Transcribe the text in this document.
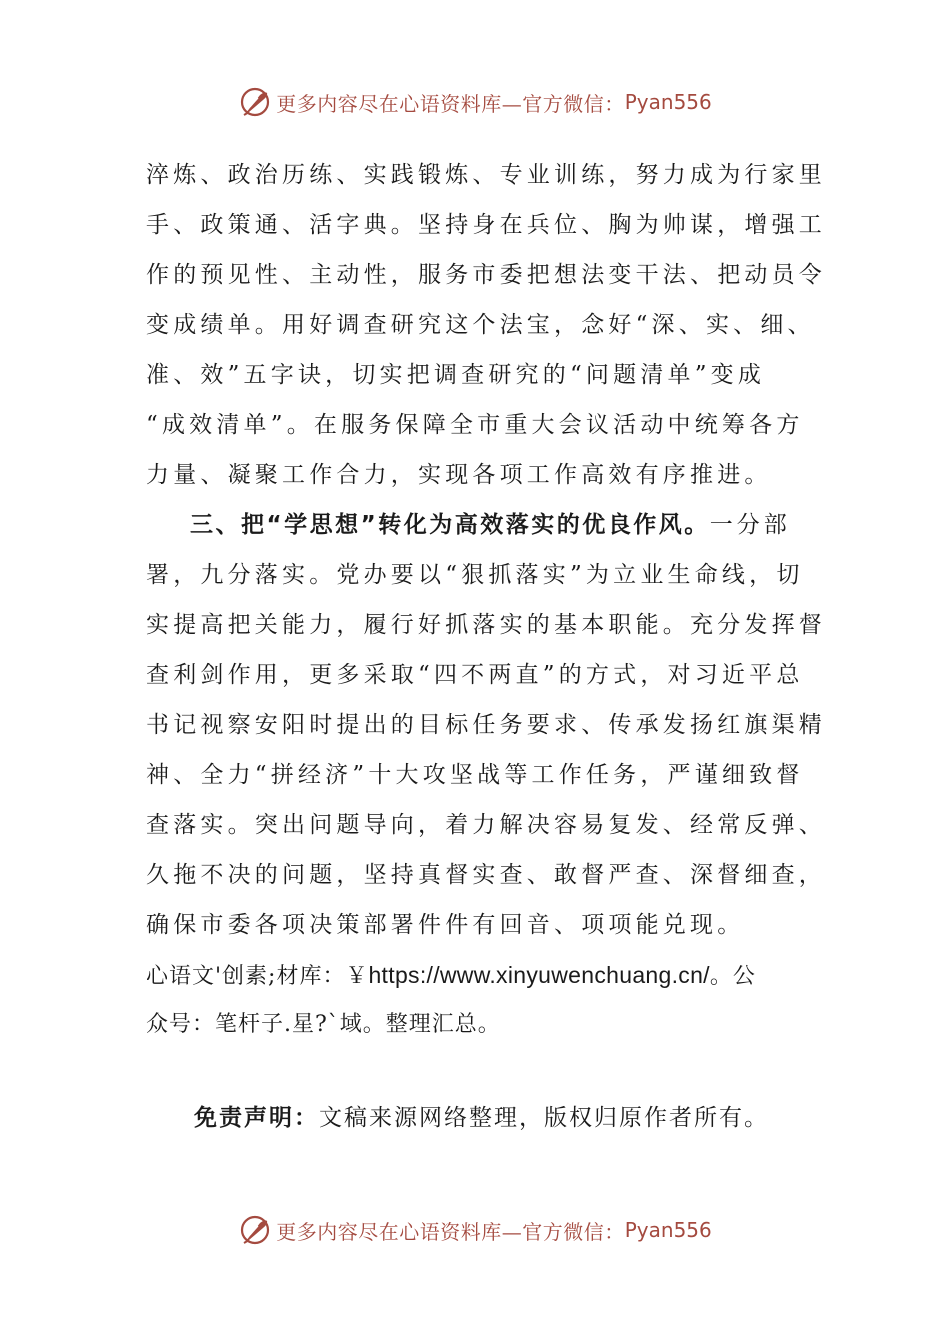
更多内容尽在心语资料库—官方微信： Pyan556
淬炼、政治历练、实践锻炼、专业训练，努力成为行家里
手、政策通、活字典。坚持身在兵位、胸为帅谋，增强工
作的预见性、主动性，服务市委把想法变干法、把动员令
变成绩单。用好调查研究这个法宝，念好“深、实、细、
准、效”五字诀，切实把调查研究的“问题清单”变成
“成效清单”。在服务保障全市重大会议活动中统筹各方
力量、凝聚工作合力，实现各项工作高效有序推进。
三、把“学思想”转化为高效落实的优良作风。一分部
署，九分落实。党办要以“狠抓落实”为立业生命线，切
实提高把关能力，履行好抓落实的基本职能。充分发挥督
查利剑作用，更多采取“四不两直”的方式，对习近平总
书记视察安阳时提出的目标任务要求、传承发扬红旗渠精
神、全力“拼经济”十大攻坚战等工作任务，严谨细致督
查落实。突出问题导向，着力解决容易复发、经常反弹、
久拖不决的问题，坚持真督实查、敢督严查、深督细查，
确保市委各项决策部署件件有回音、项项能兑现。
心语文'创素;材库：￥https://www.xinyuwenchuang.cn/。公
众号：笔杆子.星?`域。整理汇总。
免责声明：文稿来源网络整理，版权归原作者所有。
更多内容尽在心语资料库—官方微信： Pyan556
